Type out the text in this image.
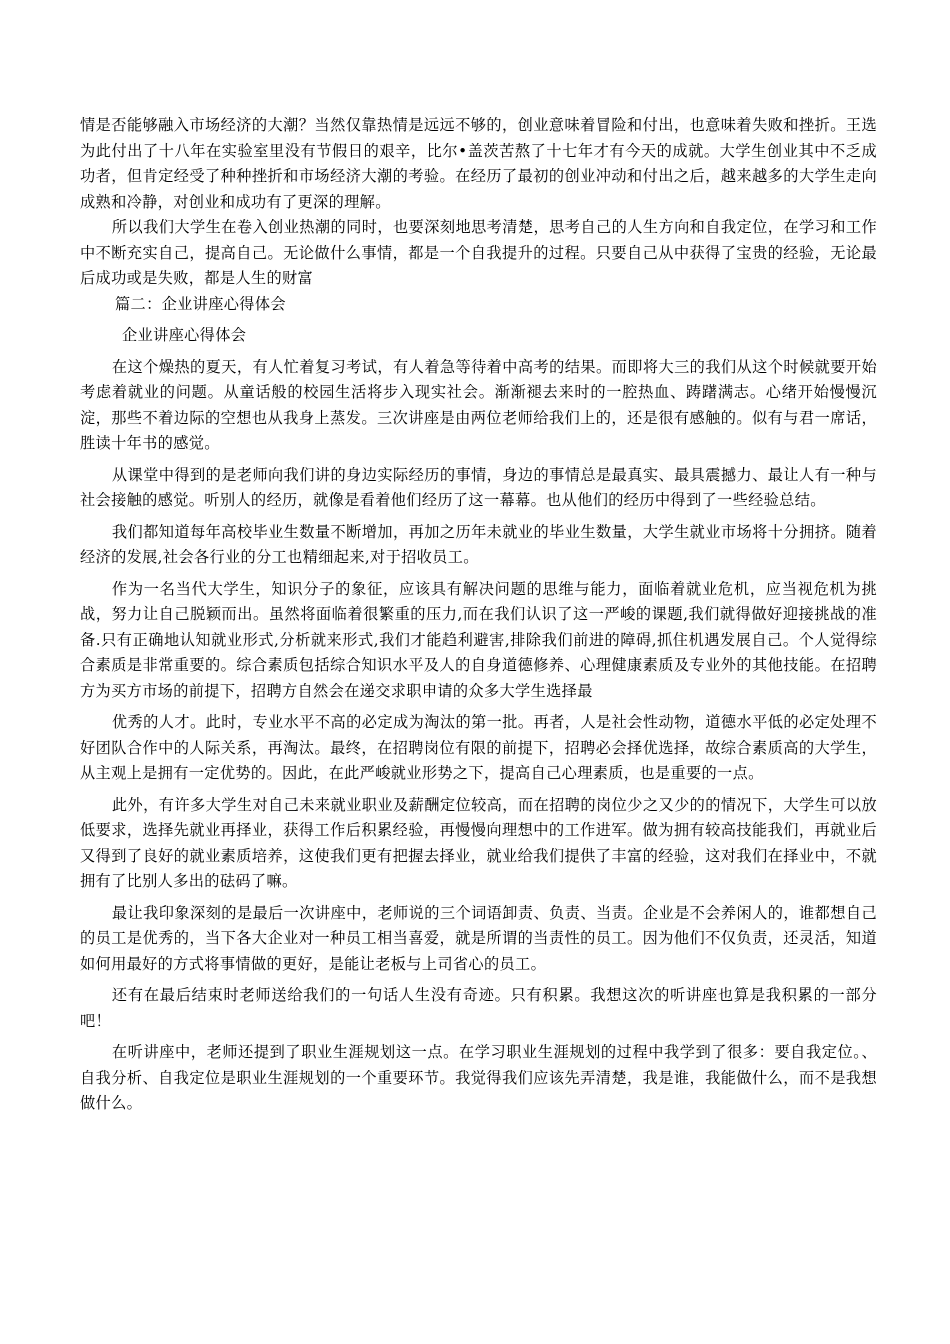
情是否能够融入市场经济的大潮？当然仅靠热情是远远不够的，创业意味着冒险和付出，也意味着失败和挫折。王选为此付出了十八年在实验室里没有节假日的艰辛，比尔•盖茨苦熬了十七年才有今天的成就。大学生创业其中不乏成功者，但肯定经受了种种挫折和市场经济大潮的考验。在经历了最初的创业冲动和付出之后，越来越多的大学生走向成熟和冷静，对创业和成功有了更深的理解。

所以我们大学生在卷入创业热潮的同时，也要深刻地思考清楚，思考自己的人生方向和自我定位，在学习和工作中不断充实自己，提高自己。无论做什么事情，都是一个自我提升的过程。只要自己从中获得了宝贵的经验，无论最后成功或是失败，都是人生的财富

篇二：企业讲座心得体会

企业讲座心得体会

在这个燥热的夏天，有人忙着复习考试，有人着急等待着中高考的结果。而即将大三的我们从这个时候就要开始考虑着就业的问题。从童话般的校园生活将步入现实社会。渐渐褪去来时的一腔热血、踌躇满志。心绪开始慢慢沉淀，那些不着边际的空想也从我身上蒸发。三次讲座是由两位老师给我们上的，还是很有感触的。似有与君一席话，胜读十年书的感觉。

从课堂中得到的是老师向我们讲的身边实际经历的事情，身边的事情总是最真实、最具震撼力、最让人有一种与社会接触的感觉。听别人的经历，就像是看着他们经历了这一幕幕。也从他们的经历中得到了一些经验总结。

我们都知道每年高校毕业生数量不断增加，再加之历年未就业的毕业生数量，大学生就业市场将十分拥挤。随着经济的发展,社会各行业的分工也精细起来,对于招收员工。

作为一名当代大学生，知识分子的象征，应该具有解决问题的思维与能力，面临着就业危机，应当视危机为挑战，努力让自己脱颖而出。虽然将面临着很繁重的压力,而在我们认识了这一严峻的课题,我们就得做好迎接挑战的准备.只有正确地认知就业形式,分析就来形式,我们才能趋利避害,排除我们前进的障碍,抓住机遇发展自己。个人觉得综合素质是非常重要的。综合素质包括综合知识水平及人的自身道德修养、心理健康素质及专业外的其他技能。在招聘方为买方市场的前提下，招聘方自然会在递交求职申请的众多大学生选择最

优秀的人才。此时，专业水平不高的必定成为淘汰的第一批。再者，人是社会性动物，道德水平低的必定处理不好团队合作中的人际关系，再淘汰。最终，在招聘岗位有限的前提下，招聘必会择优选择，故综合素质高的大学生，从主观上是拥有一定优势的。因此，在此严峻就业形势之下，提高自己心理素质，也是重要的一点。

此外，有许多大学生对自己未来就业职业及薪酬定位较高，而在招聘的岗位少之又少的的情况下，大学生可以放低要求，选择先就业再择业，获得工作后积累经验，再慢慢向理想中的工作进军。做为拥有较高技能我们，再就业后又得到了良好的就业素质培养，这使我们更有把握去择业，就业给我们提供了丰富的经验，这对我们在择业中，不就拥有了比别人多出的砝码了嘛。

最让我印象深刻的是最后一次讲座中，老师说的三个词语卸责、负责、当责。企业是不会养闲人的，谁都想自己的员工是优秀的，当下各大企业对一种员工相当喜爱，就是所谓的当责性的员工。因为他们不仅负责，还灵活，知道如何用最好的方式将事情做的更好，是能让老板与上司省心的员工。

还有在最后结束时老师送给我们的一句话人生没有奇迹。只有积累。我想这次的听讲座也算是我积累的一部分吧！

在听讲座中，老师还提到了职业生涯规划这一点。在学习职业生涯规划的过程中我学到了很多：要自我定位。、自我分析、自我定位是职业生涯规划的一个重要环节。我觉得我们应该先弄清楚，我是谁，我能做什么，而不是我想做什么。
